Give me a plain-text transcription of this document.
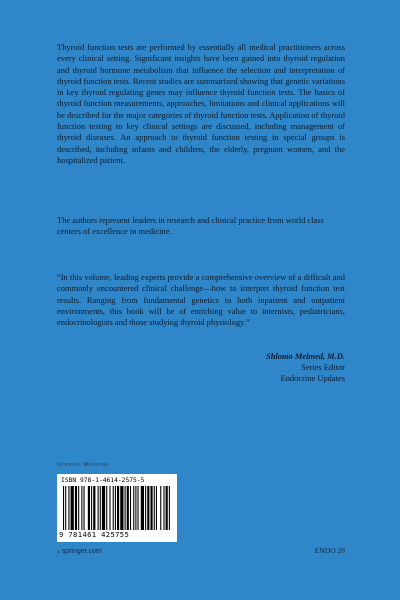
Thyroid function tests are performed by essentially all medical practitioners across every clinical setting. Significant insights have been gained into thyroid regulation and thyroid hormone metabolism that influence the selection and interpretation of thyroid function tests. Recent studies are summarized showing that genetic variations in key thyroid regulating genes may influence thyroid function tests. The basics of thyroid function measurements, approaches, limitations and clinical applications will be described for the major categories of thyroid function tests. Application of thyroid function testing to key clinical settings are discussed, including management of thyroid diseases. An approach to thyroid function testing in special groups is described, including infants and children, the elderly, pregnant women, and the hospitalized patient.

The authors represent leaders in research and clinical practice from world class centers of excellence in medicine.

“In this volume, leading experts provide a comprehensive overview of a difficult and commonly encountered clinical challenge—how to interpret thyroid function test results. Ranging from fundamental genetics to both inpatient and outpatient environments, this book will be of enriching value to internists, pediatricians, endocrinologists and those studying thyroid physiology.”

Shlomo Melmed, M.D.
Series Editor
Endocrine Updates
Internal Medicine
ISBN 978-1-4614-2575-5
9 781461 425755
› springer.com	ENDO 28
